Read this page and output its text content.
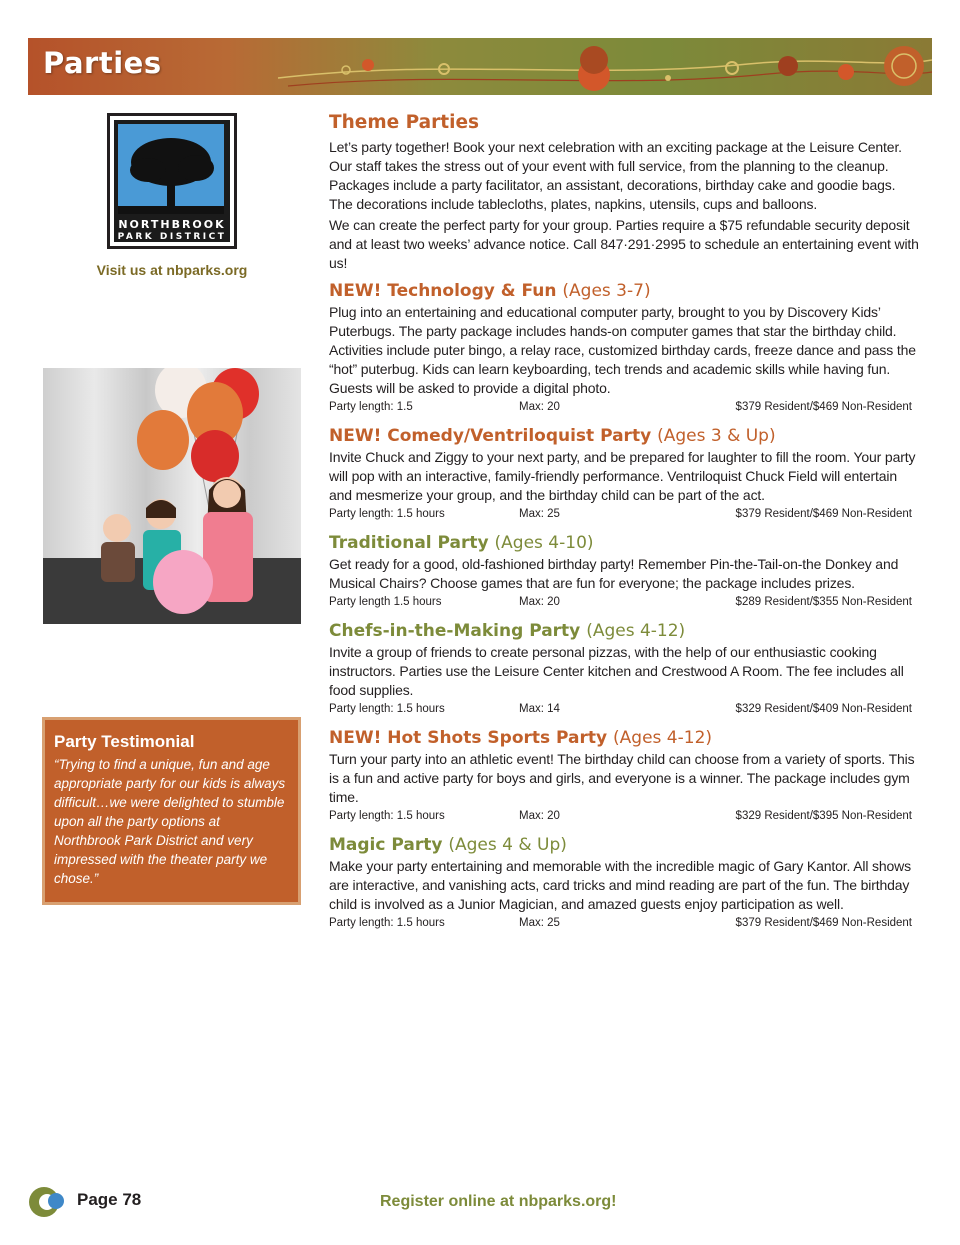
Parties
NORTHBROOK
PARK DISTRICT
Visit us at nbparks.org
Party Testimonial

“Trying to find a unique, fun and age appropriate party for our kids is always difficult…we were delighted to stumble upon all the party options at Northbrook Park District and very impressed with the theater party we chose.”

Theme Parties

Let’s party together! Book your next celebration with an exciting package at the Leisure Center. Our staff takes the stress out of your event with full service, from the planning to the cleanup. Packages include a party facilitator, an assistant, decorations, birthday cake and goodie bags. The decorations include tablecloths, plates, napkins, utensils, cups and balloons.

We can create the perfect party for your group. Parties require a $75 refundable security deposit and at least two weeks’ advance notice. Call 847·291·2995 to schedule an entertaining event with us!

NEW! Technology & Fun (Ages 3-7)

Plug into an entertaining and educational computer party, brought to you by Discovery Kids’ Puterbugs. The party package includes hands-on computer games that star the birthday child. Activities include puter bingo, a relay race, customized birthday cards, freeze dance and pass the “hot” puterbug. Kids can learn keyboarding, tech trends and academic skills while having fun. Guests will be asked to provide a digital photo.

Party length: 1.5	Max: 20	$379 Resident/$469 Non-Resident
NEW! Comedy/Ventriloquist Party (Ages 3 & Up)

Invite Chuck and Ziggy to your next party, and be prepared for laughter to fill the room. Your party will pop with an interactive, family-friendly performance. Ventriloquist Chuck Field will entertain and mesmerize your group, and the birthday child can be part of the act.

Party length: 1.5 hours	Max: 25	$379 Resident/$469 Non-Resident
Traditional Party (Ages 4-10)

Get ready for a good, old-fashioned birthday party! Remember Pin-the-Tail-on-the Donkey and Musical Chairs? Choose games that are fun for everyone; the package includes prizes.

Party length 1.5 hours	Max: 20	$289 Resident/$355 Non-Resident
Chefs-in-the-Making Party (Ages 4-12)

Invite a group of friends to create personal pizzas, with the help of our enthusiastic cooking instructors. Parties use the Leisure Center kitchen and Crestwood A Room. The fee includes all food supplies.

Party length: 1.5 hours	Max: 14	$329 Resident/$409 Non-Resident
NEW! Hot Shots Sports Party (Ages 4-12)

Turn your party into an athletic event! The birthday child can choose from a variety of sports. This is a fun and active party for boys and girls, and everyone is a winner. The package includes gym time.

Party length: 1.5 hours	Max: 20	$329 Resident/$395 Non-Resident
Magic Party (Ages 4 & Up)

Make your party entertaining and memorable with the incredible magic of Gary Kantor. All shows are interactive, and vanishing acts, card tricks and mind reading are part of the fun. The birthday child is involved as a Junior Magician, and amazed guests enjoy participation as well.

Party length: 1.5 hours	Max: 25	$379 Resident/$469 Non-Resident
Page 78	Register online at nbparks.org!
